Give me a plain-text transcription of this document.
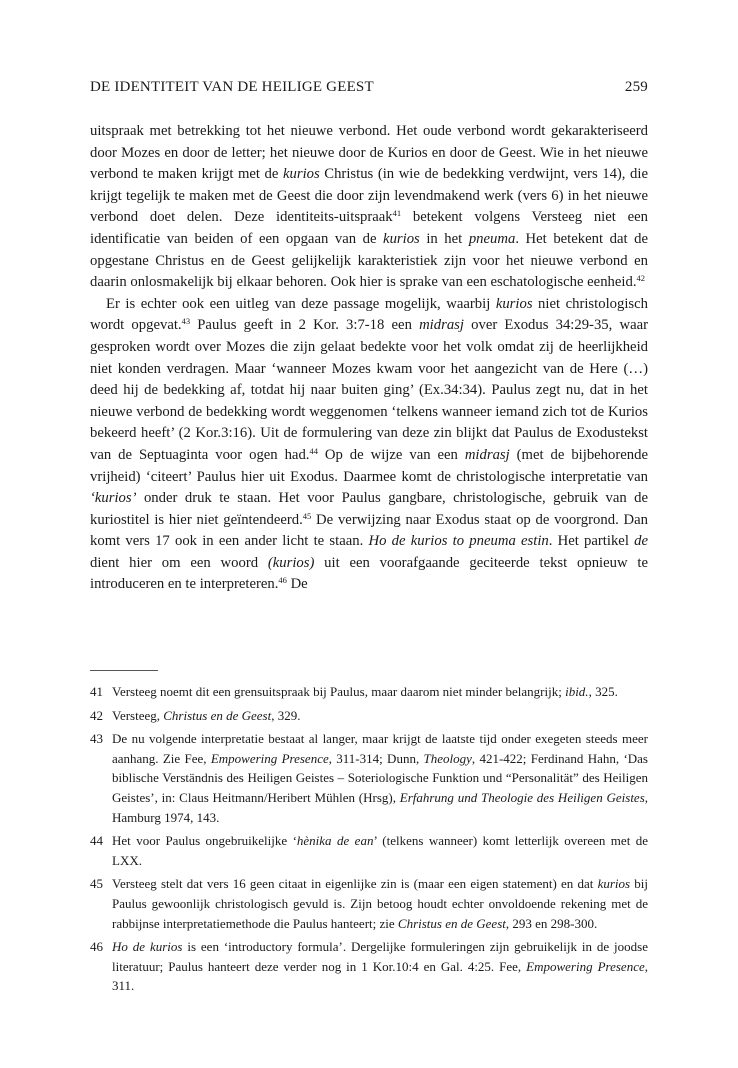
DE IDENTITEIT VAN DE HEILIGE GEEST	259

uitspraak met betrekking tot het nieuwe verbond. Het oude verbond wordt gekarakteriseerd door Mozes en door de letter; het nieuwe door de Kurios en door de Geest. Wie in het nieuwe verbond te maken krijgt met de kurios Christus (in wie de bedekking verdwijnt, vers 14), die krijgt tegelijk te maken met de Geest die door zijn levendmakend werk (vers 6) in het nieuwe verbond doet delen. Deze identiteits-uitspraak$^{41}$ betekent volgens Versteeg niet een identificatie van beiden of een opgaan van de kurios in het pneuma. Het betekent dat de opgestane Christus en de Geest gelijkelijk karakteristiek zijn voor het nieuwe verbond en daarin onlosmakelijk bij elkaar behoren. Ook hier is sprake van een eschatologische eenheid.$^{42}$

Er is echter ook een uitleg van deze passage mogelijk, waarbij kurios niet christologisch wordt opgevat.$^{43}$ Paulus geeft in 2 Kor. 3:7-18 een midrasj over Exodus 34:29-35, waar gesproken wordt over Mozes die zijn gelaat bedekte voor het volk omdat zij de heerlijkheid niet konden verdragen. Maar ‘wanneer Mozes kwam voor het aangezicht van de Here (…) deed hij de bedekking af, totdat hij naar buiten ging’ (Ex.34:34). Paulus zegt nu, dat in het nieuwe verbond de bedekking wordt weggenomen ‘telkens wanneer iemand zich tot de Kurios bekeerd heeft’ (2 Kor.3:16). Uit de formulering van deze zin blijkt dat Paulus de Exodustekst van de Septuaginta voor ogen had.$^{44}$ Op de wijze van een midrasj (met de bijbehorende vrijheid) ‘citeert’ Paulus hier uit Exodus. Daarmee komt de christologische interpretatie van ‘kurios’ onder druk te staan. Het voor Paulus gangbare, christologische, gebruik van de kuriostitel is hier niet geïntendeerd.$^{45}$ De verwijzing naar Exodus staat op de voorgrond. Dan komt vers 17 ook in een ander licht te staan. Ho de kurios to pneuma estin. Het partikel de dient hier om een woord (kurios) uit een voorafgaande geciteerde tekst opnieuw te introduceren en te interpreteren.$^{46}$ De

41 Versteeg noemt dit een grensuitspraak bij Paulus, maar daarom niet minder belangrijk; ibid., 325.
42 Versteeg, Christus en de Geest, 329.
43 De nu volgende interpretatie bestaat al langer, maar krijgt de laatste tijd onder exegeten steeds meer aanhang. Zie Fee, Empowering Presence, 311-314; Dunn, Theology, 421-422; Ferdinand Hahn, ‘Das biblische Verständnis des Heiligen Geistes – Soteriologische Funktion und “Personalität” des Heiligen Geistes’, in: Claus Heitmann/Heribert Mühlen (Hrsg), Erfahrung und Theologie des Heiligen Geistes, Hamburg 1974, 143.
44 Het voor Paulus ongebruikelijke ‘hènika de ean’ (telkens wanneer) komt letterlijk overeen met de LXX.
45 Versteeg stelt dat vers 16 geen citaat in eigenlijke zin is (maar een eigen statement) en dat kurios bij Paulus gewoonlijk christologisch gevuld is. Zijn betoog houdt echter onvoldoende rekening met de rabbijnse interpretatiemethode die Paulus hanteert; zie Christus en de Geest, 293 en 298-300.
46 Ho de kurios is een ‘introductory formula’. Dergelijke formuleringen zijn gebruikelijk in de joodse literatuur; Paulus hanteert deze verder nog in 1 Kor.10:4 en Gal. 4:25. Fee, Empowering Presence, 311.
